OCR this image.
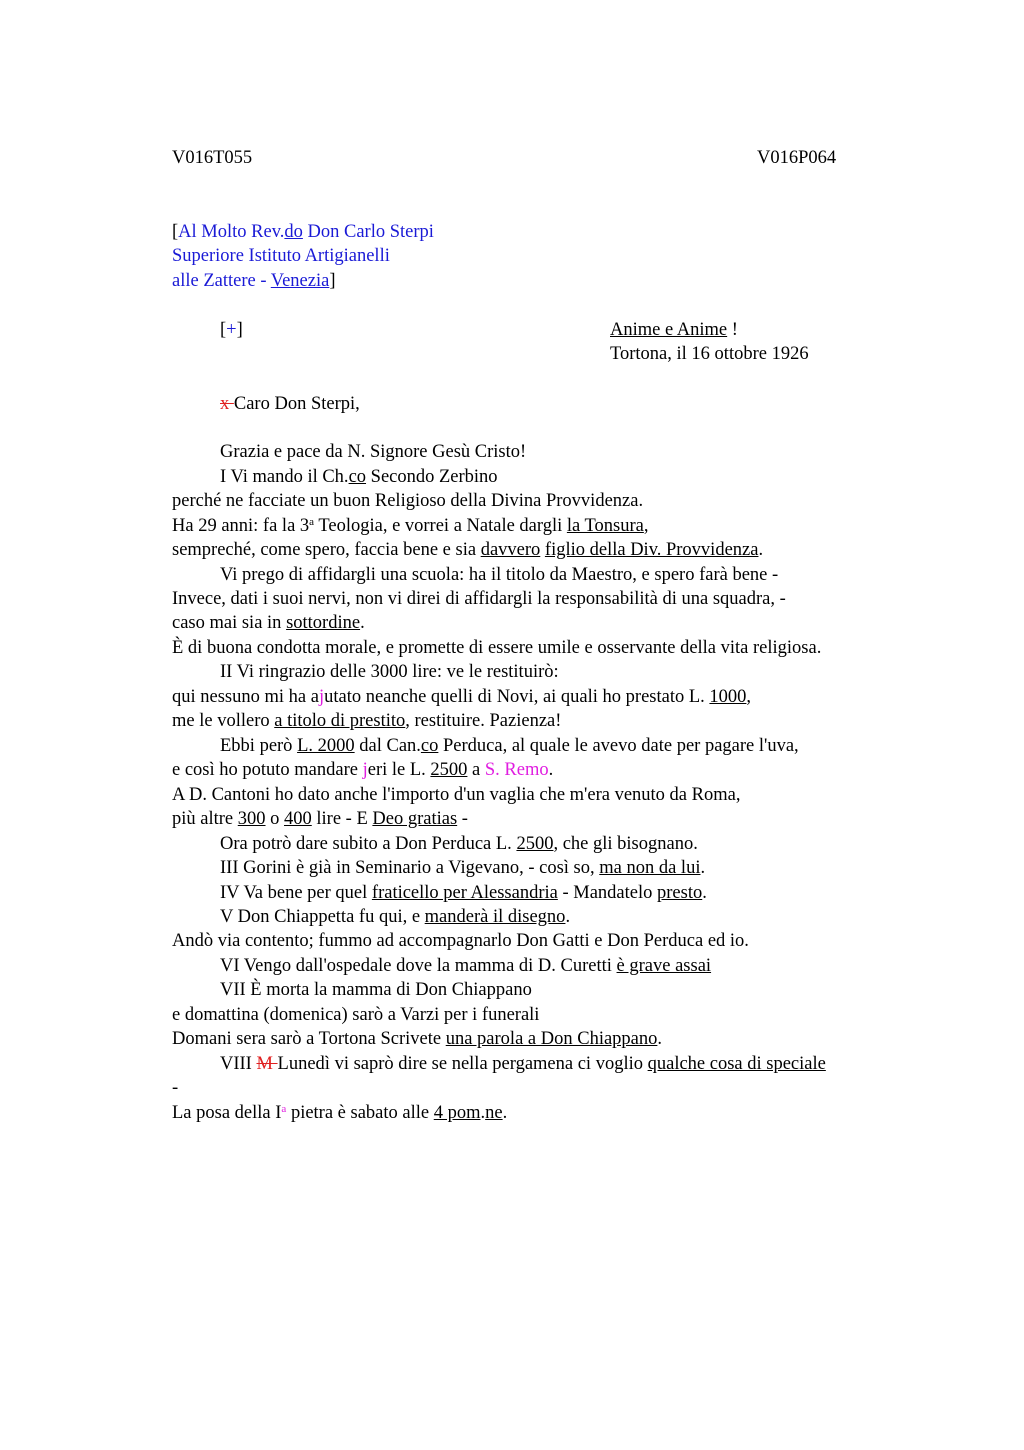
V016T055	V016P064
[Al Molto Rev.do Don Carlo Sterpi
Superiore Istituto Artigianelli
alle Zattere - Venezia]
[+]	Anime e Anime !
Tortona, il 16 ottobre 1926
x Caro Don Sterpi,
Grazia e pace da N. Signore Gesù Cristo!
I Vi mando il Ch.co Secondo Zerbino
perché ne facciate un buon Religioso della Divina Provvidenza.
Ha 29 anni: fa la 3$^a$ Teologia, e vorrei a Natale dargli la Tonsura,
sempreché, come spero, faccia bene e sia davvero figlio della Div. Provvidenza.
Vi prego di affidargli una scuola: ha il titolo da Maestro, e spero farà bene -
Invece, dati i suoi nervi, non vi direi di affidargli la responsabilità di una squadra, -
caso mai sia in sottordine.
È di buona condotta morale, e promette di essere umile e osservante della vita religiosa.
II Vi ringrazio delle 3000 lire: ve le restituirò:
qui nessuno mi ha ajutato neanche quelli di Novi, ai quali ho prestato L. 1000,
me le vollero a titolo di prestito, restituire. Pazienza!
Ebbi però L. 2000 dal Can.co Perduca, al quale le avevo date per pagare l'uva,
e così ho potuto mandare jeri le L. 2500 a S. Remo.
A D. Cantoni ho dato anche l'importo d'un vaglia che m'era venuto da Roma,
più altre 300 o 400 lire - E Deo gratias -
Ora potrò dare subito a Don Perduca L. 2500, che gli bisognano.
III Gorini è già in Seminario a Vigevano, - così so, ma non da lui.
IV Va bene per quel fraticello per Alessandria - Mandatelo presto.
V Don Chiappetta fu qui, e manderà il disegno.
Andò via contento; fummo ad accompagnarlo Don Gatti e Don Perduca ed io.
VI Vengo dall'ospedale dove la mamma di D. Curetti è grave assai
VII È morta la mamma di Don Chiappano
e domattina (domenica) sarò a Varzi per i funerali
Domani sera sarò a Tortona Scrivete una parola a Don Chiappano.
VIII M Lunedì vi saprò dire se nella pergamena ci voglio qualche cosa di speciale
-
La posa della $I^a$ pietra è sabato alle 4 pom.ne.
